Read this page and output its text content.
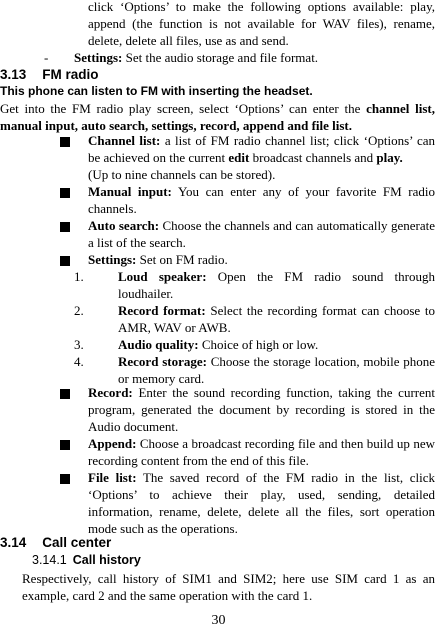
click ‘Options’ to make the following options available: play, append (the function is not available for WAV files), rename, delete, delete all files, use as and send.
- Settings: Set the audio storage and file format.
3.13 FM radio
This phone can listen to FM with inserting the headset.
Get into the FM radio play screen, select ‘Options’ can enter the channel list, manual input, auto search, settings, record, append and file list.
Channel list: a list of FM radio channel list; click ‘Options’ can be achieved on the current edit broadcast channels and play.
(Up to nine channels can be stored).
Manual input: You can enter any of your favorite FM radio channels.
Auto search: Choose the channels and can automatically generate a list of the search.
Settings: Set on FM radio.
1.	Loud speaker: Open the FM radio sound through loudhailer.
2.	Record format: Select the recording format can choose to AMR, WAV or AWB.
3.	Audio quality: Choice of high or low.
4.	Record storage: Choose the storage location, mobile phone or memory card.
Record: Enter the sound recording function, taking the current program, generated the document by recording is stored in the Audio document.
Append: Choose a broadcast recording file and then build up new recording content from the end of this file.
File list: The saved record of the FM radio in the list, click ‘Options’ to achieve their play, used, sending, detailed information, rename, delete, delete all the files, sort operation mode such as the operations.
3.14 Call center
3.14.1 Call history
Respectively, call history of SIM1 and SIM2; here use SIM card 1 as an example, card 2 and the same operation with the card 1.
30
